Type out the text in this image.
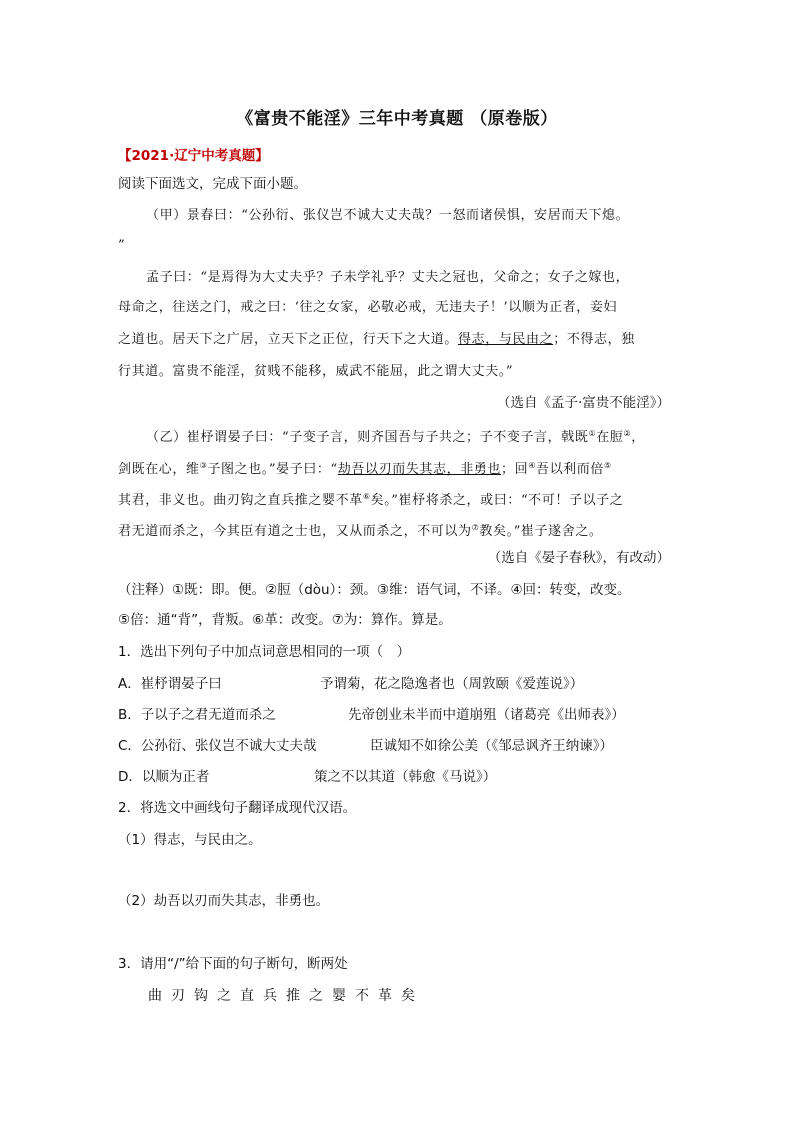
《富贵不能淫》三年中考真题 （原卷版）
【2021·辽宁中考真题】
阅读下面选文，完成下面小题。
（甲）景春曰：“公孙衍、张仪岂不诚大丈夫哉？一怒而诸侯惧，安居而天下熄。
”
孟子曰：“是焉得为大丈夫乎？子未学礼乎？丈夫之冠也，父命之；女子之嫁也，
母命之，往送之门，戒之曰：‘往之女家，必敬必戒，无违夫子！’以顺为正者，妾妇
之道也。居天下之广居，立天下之正位，行天下之大道。得志，与民由之；不得志，独
行其道。富贵不能淫，贫贱不能移，威武不能屈，此之谓大丈夫。”
（选自《孟子·富贵不能淫》）
（乙）崔杼谓晏子曰：“子变子言，则齐国吾与子共之；子不变子言，戟既①在脰②，
剑既在心，维③子图之也。”晏子曰：“劫吾以刃而失其志，非勇也；回④吾以利而倍⑤
其君，非义也。曲刃钩之直兵推之婴不革⑥矣。”崔杼将杀之，或曰：“不可！子以子之
君无道而杀之，今其臣有道之士也，又从而杀之，不可以为⑦教矣。”崔子遂舍之。
（选自《晏子春秋》，有改动）
（注释）①既：即。便。②脰（dòu）：颈。③维：语气词，不译。④回：转变，改变。
⑤倍：通“背”，背叛。⑥革：改变。⑦为：算作。算是。
1．选出下列句子中加点词意思相同的一项（　）
A．崔杼谓晏子曰	予谓菊，花之隐逸者也（周敦颐《爱莲说》）
B．子以子之君无道而杀之	先帝创业未半而中道崩殂（诸葛亮《出师表》）
C．公孙衍、张仪岂不诚大丈夫哉	臣诚知不如徐公美（《邹忌讽齐王纳谏》）
D．以顺为正者	策之不以其道（韩愈《马说》）
2．将选文中画线句子翻译成现代汉语。
（1）得志，与民由之。
（2）劫吾以刃而失其志，非勇也。
3．请用“/”给下面的句子断句，断两处
曲刃钩之直兵推之婴不革矣
